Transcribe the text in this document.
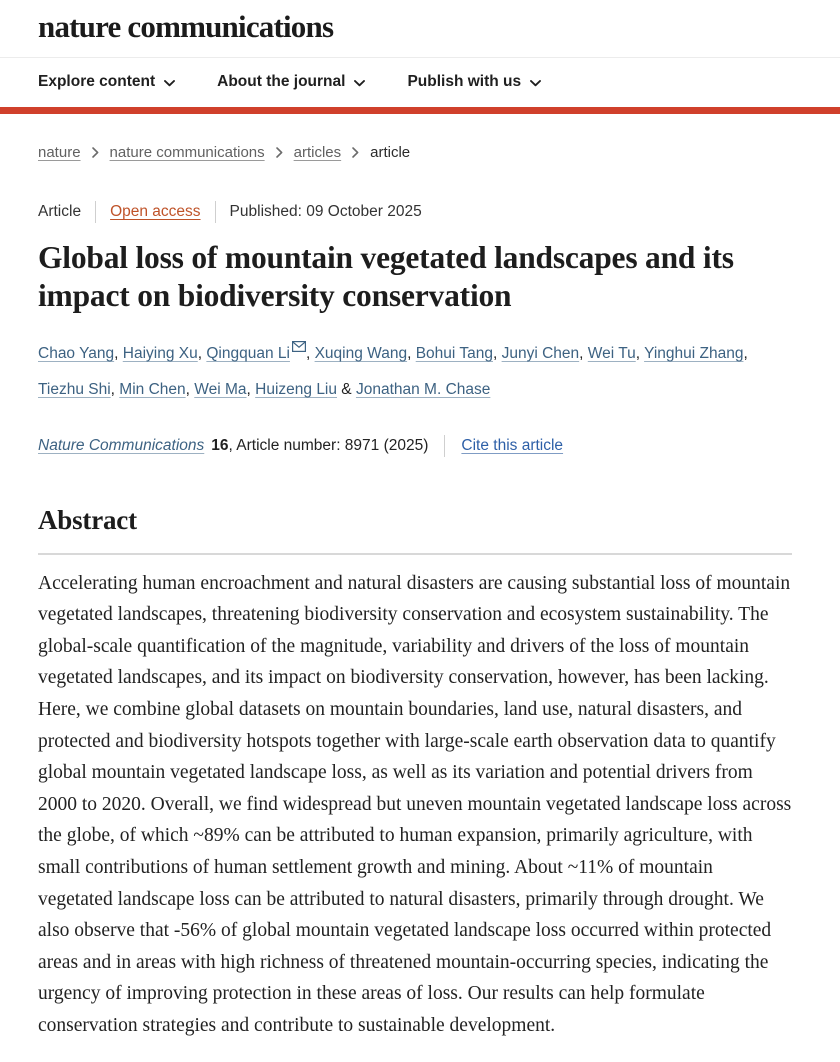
nature communications
Explore content	About the journal	Publish with us
nature nature communications articles article
Article Open access Published: 09 October 2025
Global loss of mountain vegetated landscapes and its impact on biodiversity conservation
Chao Yang, Haiying Xu, Qingquan Li , Xuqing Wang, Bohui Tang, Junyi Chen, Wei Tu, Yinghui Zhang, Tiezhu Shi, Min Chen, Wei Ma, Huizeng Liu & Jonathan M. Chase
Nature Communications 16 , Article number: 8971 (2025) Cite this article
Abstract

Accelerating human encroachment and natural disasters are causing substantial loss of mountain vegetated landscapes, threatening biodiversity conservation and ecosystem sustainability. The global-scale quantification of the magnitude, variability and drivers of the loss of mountain vegetated landscapes, and its impact on biodiversity conservation, however, has been lacking. Here, we combine global datasets on mountain boundaries, land use, natural disasters, and protected and biodiversity hotspots together with large-scale earth observation data to quantify global mountain vegetated landscape loss, as well as its variation and potential drivers from 2000 to 2020. Overall, we find widespread but uneven mountain vegetated landscape loss across the globe, of which ~89% can be attributed to human expansion, primarily agriculture, with small contributions of human settlement growth and mining. About ~11% of mountain vegetated landscape loss can be attributed to natural disasters, primarily through drought. We also observe that -56% of global mountain vegetated landscape loss occurred within protected areas and in areas with high richness of threatened mountain-occurring species, indicating the urgency of improving protection in these areas of loss. Our results can help formulate conservation strategies and contribute to sustainable development.
